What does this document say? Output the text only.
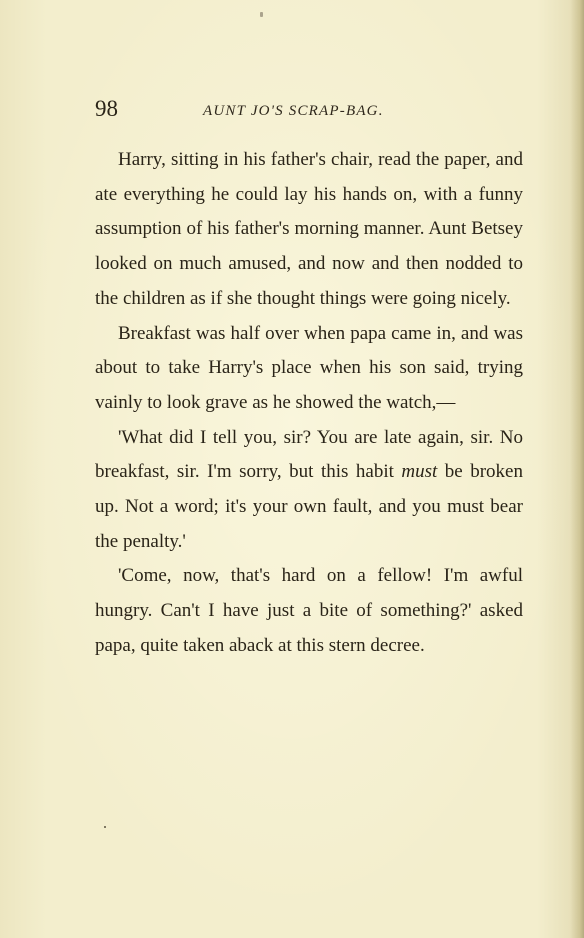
98	AUNT JO'S SCRAP-BAG.

Harry, sitting in his father's chair, read the paper, and ate everything he could lay his hands on, with a funny assumption of his father's morning manner. Aunt Betsey looked on much amused, and now and then nodded to the children as if she thought things were going nicely.

Breakfast was half over when papa came in, and was about to take Harry's place when his son said, trying vainly to look grave as he showed the watch,—

'What did I tell you, sir? You are late again, sir. No breakfast, sir. I'm sorry, but this habit must be broken up. Not a word; it's your own fault, and you must bear the penalty.'

'Come, now, that's hard on a fellow! I'm awful hungry. Can't I have just a bite of something?' asked papa, quite taken aback at this stern decree.
